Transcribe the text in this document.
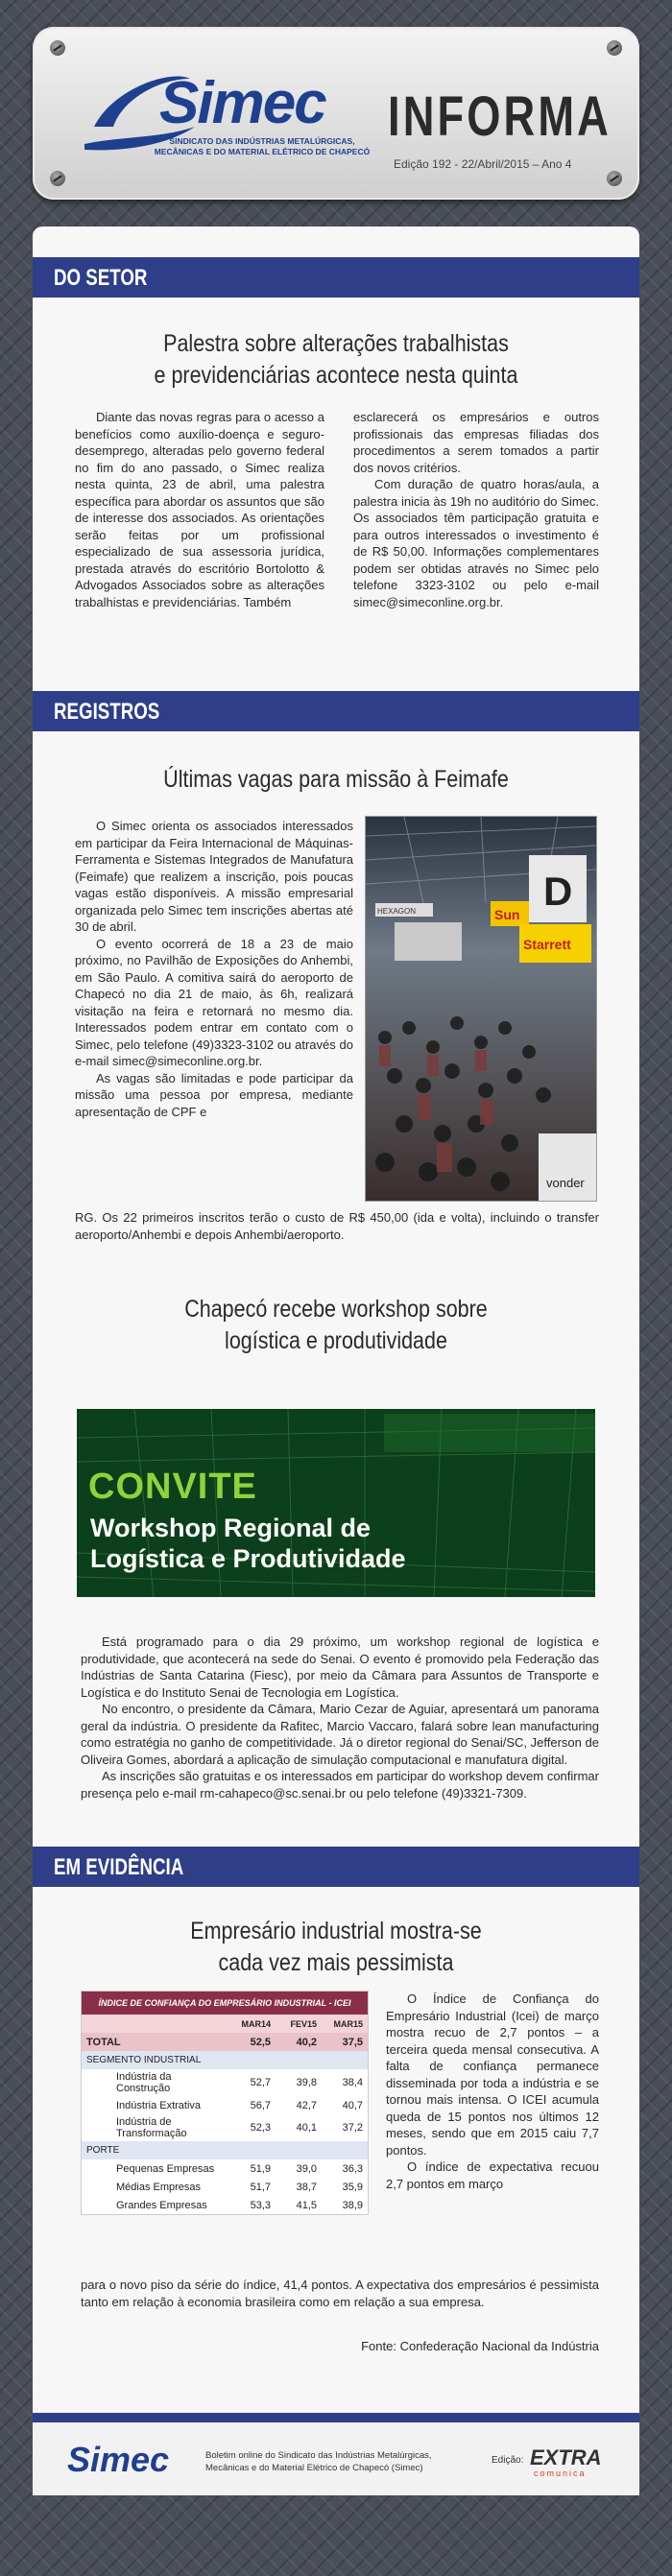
Simec
SINDICATO DAS INDÚSTRIAS METALÚRGICAS, MECÂNICAS E DO MATERIAL ELÉTRICO DE CHAPECÓ
INFORMA
Edição 192 - 22/Abril/2015 – Ano 4
DO SETOR
Palestra sobre alterações trabalhistas
e previdenciárias acontece nesta quinta

Diante das novas regras para o acesso a benefícios como auxílio-doença e seguro-desemprego, alteradas pelo governo federal no fim do ano passado, o Simec realiza nesta quinta, 23 de abril, uma palestra específica para abordar os assuntos que são de interesse dos associados. As orientações serão feitas por um profissional especializado de sua assessoria jurídica, prestada através do escritório Bortolotto & Advogados Associados sobre as alterações trabalhistas e previdenciárias. Também

esclarecerá os empresários e outros profissionais das empresas filiadas dos procedimentos a serem tomados a partir dos novos critérios.

Com duração de quatro horas/aula, a palestra inicia às 19h no auditório do Simec. Os associados têm participação gratuita e para outros interessados o investimento é de R$ 50,00. Informações complementares podem ser obtidas através no Simec pelo telefone 3323-3102 ou pelo e-mail simec@simeconline.org.br.

REGISTROS
Últimas vagas para missão à Feimafe

O Simec orienta os associados interessados em participar da Feira Internacional de Máquinas-Ferramenta e Sistemas Integrados de Manufatura (Feimafe) que realizem a inscrição, pois poucas vagas estão disponíveis. A missão empresarial organizada pelo Simec tem inscrições abertas até 30 de abril.

O evento ocorrerá de 18 a 23 de maio próximo, no Pavilhão de Exposições do Anhembi, em São Paulo. A comitiva sairá do aeroporto de Chapecó no dia 21 de maio, às 6h, realizará visitação na feira e retornará no mesmo dia. Interessados podem entrar em contato com o Simec, pelo telefone (49)3323-3102 ou através do e-mail simec@simeconline.org.br.

As vagas são limitadas e pode participar da missão uma pessoa por empresa, mediante apresentação de CPF e

D
Sun
Starrett
HEXAGON
vonder

RG. Os 22 primeiros inscritos terão o custo de R$ 450,00 (ida e volta), incluindo o transfer aeroporto/Anhembi e depois Anhembi/aeroporto.

Chapecó recebe workshop sobre
logística e produtividade
CONVITE
Workshop Regional de
Logística e Produtividade

Está programado para o dia 29 próximo, um workshop regional de logística e produtividade, que acontecerá na sede do Senai. O evento é promovido pela Federação das Indústrias de Santa Catarina (Fiesc), por meio da Câmara para Assuntos de Transporte e Logística e do Instituto Senai de Tecnologia em Logística.

No encontro, o presidente da Câmara, Mario Cezar de Aguiar, apresentará um panorama geral da indústria. O presidente da Rafitec, Marcio Vaccaro, falará sobre lean manufacturing como estratégia no ganho de competitividade. Já o diretor regional do Senai/SC, Jefferson de Oliveira Gomes, abordará a aplicação de simulação computacional e manufatura digital.

As inscrições são gratuitas e os interessados em participar do workshop devem confirmar presença pelo e-mail rm-cahapeco@sc.senai.br ou pelo telefone (49)3321-7309.

EM EVIDÊNCIA
Empresário industrial mostra-se
cada vez mais pessimista
ÍNDICE DE CONFIANÇA DO EMPRESÁRIO INDUSTRIAL - ICEI			
	MAR14	FEV15	MAR15
TOTAL	52,5	40,2	37,5
SEGMENTO INDUSTRIAL			
Indústria da Construção	52,7	39,8	38,4
Indústria Extrativa	56,7	42,7	40,7
Indústria de Transformação	52,3	40,1	37,2
PORTE			
Pequenas Empresas	51,9	39,0	36,3
Médias Empresas	51,7	38,7	35,9
Grandes Empresas	53,3	41,5	38,9

O Índice de Confiança do Empresário Industrial (Icei) de março mostra recuo de 2,7 pontos – a terceira queda mensal consecutiva. A falta de confiança permanece disseminada por toda a indústria e se tornou mais intensa. O ICEI acumula queda de 15 pontos nos últimos 12 meses, sendo que em 2015 caiu 7,7 pontos.

O índice de expectativa recuou 2,7 pontos em março

para o novo piso da série do índice, 41,4 pontos. A expectativa dos empresários é pessimista tanto em relação à economia brasileira como em relação a sua empresa.

Fonte: Confederação Nacional da Indústria

Simec	Boletim online do Sindicato das Indústrias Metalúrgicas,
Mecânicas e do Material Elétrico de Chapecó (Simec)
Edição: EXTRA
comunica
